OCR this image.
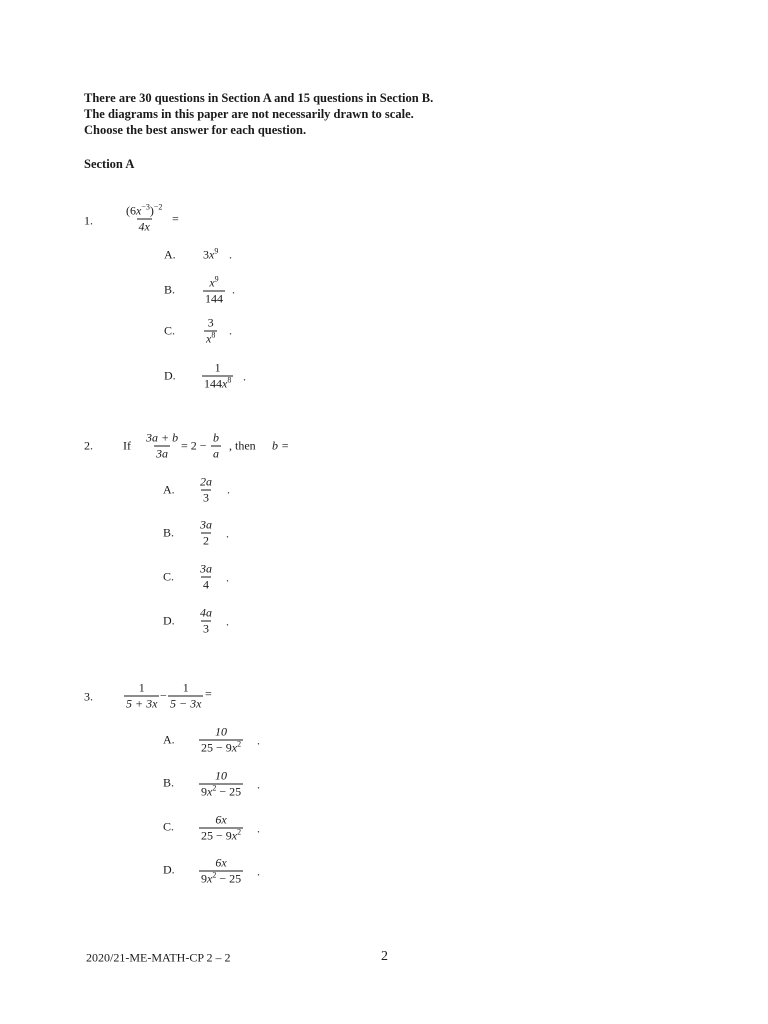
There are 30 questions in Section A and 15 questions in Section B.
The diagrams in this paper are not necessarily drawn to scale.
Choose the best answer for each question.
Section A
1.	$\frac{(6x^{-3})^{-2}}{4x}$ =
A. $3x^9$ .
B. $\frac{x^9}{144}$ .
C. $\frac{3}{x^8}$ .
D. $\frac{1}{144x^8}$ .
2.	If $\frac{3a + b}{3a} = 2 - \frac{b}{a}$ , then b =
A. $\frac{2a}{3}$ .
B. $\frac{3a}{2}$ .
C. $\frac{3a}{4}$ .
D. $\frac{4a}{3}$ .
3.	$\frac{1}{5 + 3x} - \frac{1}{5 - 3x}$ =
A. $\frac{10}{25 - 9x^2}$ .
B. $\frac{10}{9x^2 - 25}$ .
C. $\frac{6x}{25 - 9x^2}$ .
D. $\frac{6x}{9x^2 - 25}$ .
2020/21-ME-MATH-CP 2 – 2	2
